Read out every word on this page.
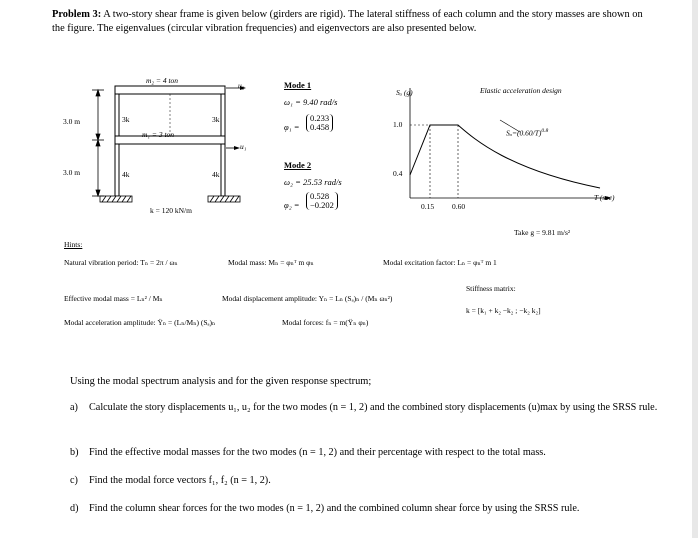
Problem 3: A two-story shear frame is given below (girders are rigid). The lateral stiffness of each column and the story masses are shown on the figure. The eigenvalues (circular vibration frequencies) and eigenvectors are also presented below.
m₂ = 4 ton
m₁ = 3 ton
3.0 m
3.0 m
3k	3k
4k	4k
u₂
u₁
k = 120 kN/m
Mode 1
ω₁ = 9.40 rad/s
φ₁ =
0.233
0.458
Mode 2
ω₂ = 25.53 rad/s
φ₂ =
0.528
−0.202
Sₐ (g)	Elastic acceleration design
1.0
0.4
0.15 0.60
T (sec)
$S_a=(0.60/T)^{0.8}$
Take g = 9.81 m/s²
Hints:
Natural vibration period: Tₙ = 2π / ωₙ	Modal mass: Mₙ = φₙᵀ m φₙ	Modal excitation factor: Lₙ = φₙᵀ m 1
Effective modal mass = Lₙ² / Mₙ	Modal displacement amplitude: Yₙ = Lₙ (Sₐ)ₙ / (Mₙ ωₙ²)
Stiffness matrix:
k = [k₁ + k₂ −k₂ ; −k₂ k₂]
Modal acceleration amplitude: Ÿₙ = (Lₙ/Mₙ) (Sₐ)ₙ	Modal forces: fₙ = m(Ÿₙ φₙ)
Using the modal spectrum analysis and for the given response spectrum;
a) Calculate the story displacements u₁, u₂ for the two modes (n = 1, 2) and the combined story displacements (u)max by using the SRSS rule.
b) Find the effective modal masses for the two modes (n = 1, 2) and their percentage with respect to the total mass.
c) Find the modal force vectors f₁, f₂ (n = 1, 2).
d) Find the column shear forces for the two modes (n = 1, 2) and the combined column shear force by using the SRSS rule.
